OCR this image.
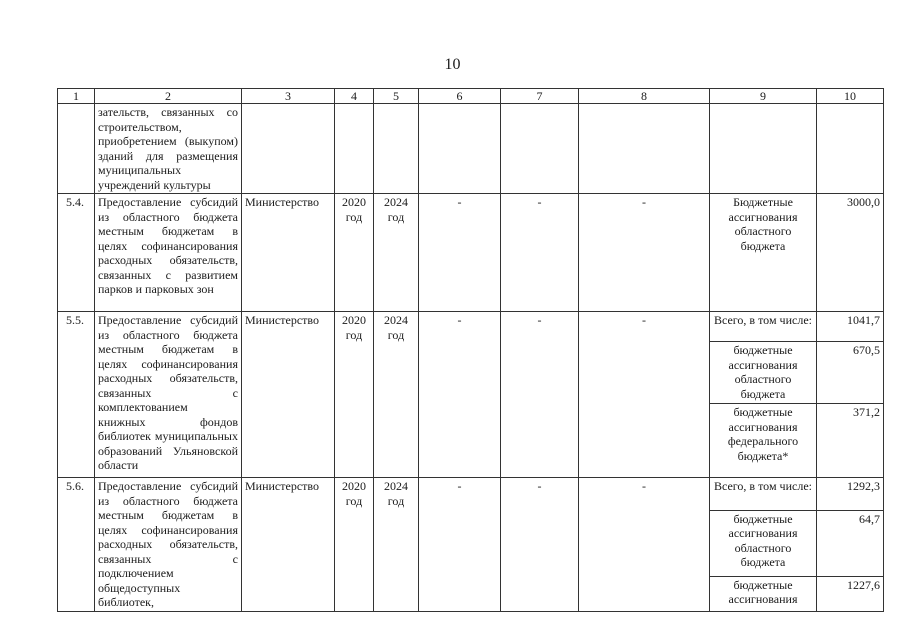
10
1	2	3	4	5	6	7	8	9	10
	зательств, связанных со строительством, приобретением (выкупом) зданий для размещения муниципальных учреждений культуры								
5.4.	Предоставление субсидий из областного бюджета местным бюджетам в целях софинансирования расходных обязательств, связанных с развитием парков и парковых зон	Министерство	2020 год	2024 год	-	-	-	Бюджетные ассигнования областного бюджета	3000,0
5.5.	Предоставление субсидий из областного бюджета местным бюджетам в целях софинансирования расходных обязательств, связанных с комплектованием книжных фондов библиотек муниципальных образований Ульяновской области	Министерство	2020 год	2024 год	-	-	-	Всего, в том числе:	1041,7
								бюджетные ассигнования областного бюджета	670,5
								бюджетные ассигнования федерального бюджета*	371,2
5.6.	Предоставление субсидий из областного бюджета местным бюджетам в целях софинансирования расходных обязательств, связанных с подключением общедоступных библиотек,	Министерство	2020 год	2024 год	-	-	-	Всего, в том числе:	1292,3
								бюджетные ассигнования областного бюджета	64,7
								бюджетные ассигнования	1227,6
